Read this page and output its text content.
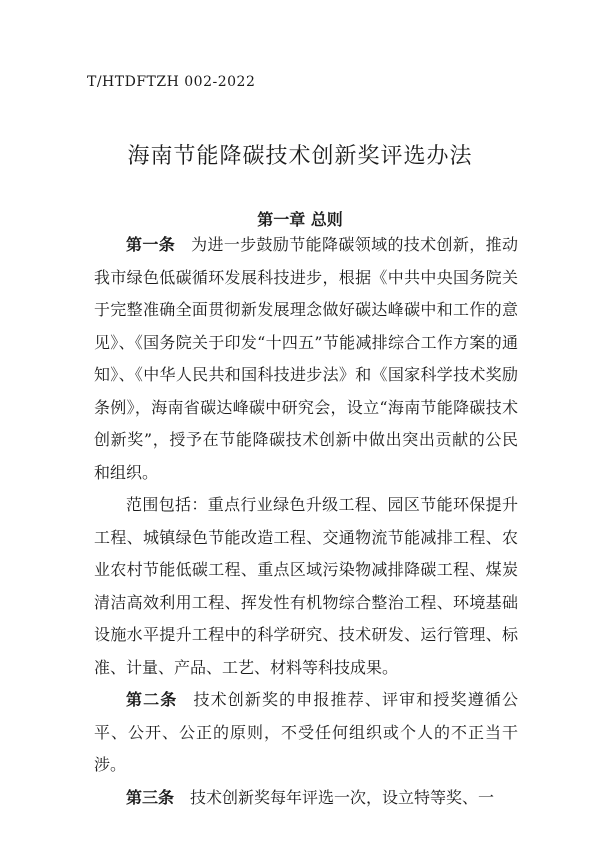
T/HTDFTZH 002-2022
海南节能降碳技术创新奖评选办法
第一章 总则

第一条 为进一步鼓励节能降碳领域的技术创新，推动我市绿色低碳循环发展科技进步，根据《中共中央国务院关于完整准确全面贯彻新发展理念做好碳达峰碳中和工作的意见》、《国务院关于印发“十四五”节能减排综合工作方案的通知》、《中华人民共和国科技进步法》和《国家科学技术奖励条例》，海南省碳达峰碳中研究会，设立“海南节能降碳技术创新奖”，授予在节能降碳技术创新中做出突出贡献的公民和组织。

范围包括：重点行业绿色升级工程、园区节能环保提升工程、城镇绿色节能改造工程、交通物流节能减排工程、农业农村节能低碳工程、重点区域污染物减排降碳工程、煤炭清洁高效利用工程、挥发性有机物综合整治工程、环境基础设施水平提升工程中的科学研究、技术研发、运行管理、标准、计量、产品、工艺、材料等科技成果。

第二条 技术创新奖的申报推荐、评审和授奖遵循公平、公开、公正的原则，不受任何组织或个人的不正当干涉。

第三条 技术创新奖每年评选一次，设立特等奖、一
